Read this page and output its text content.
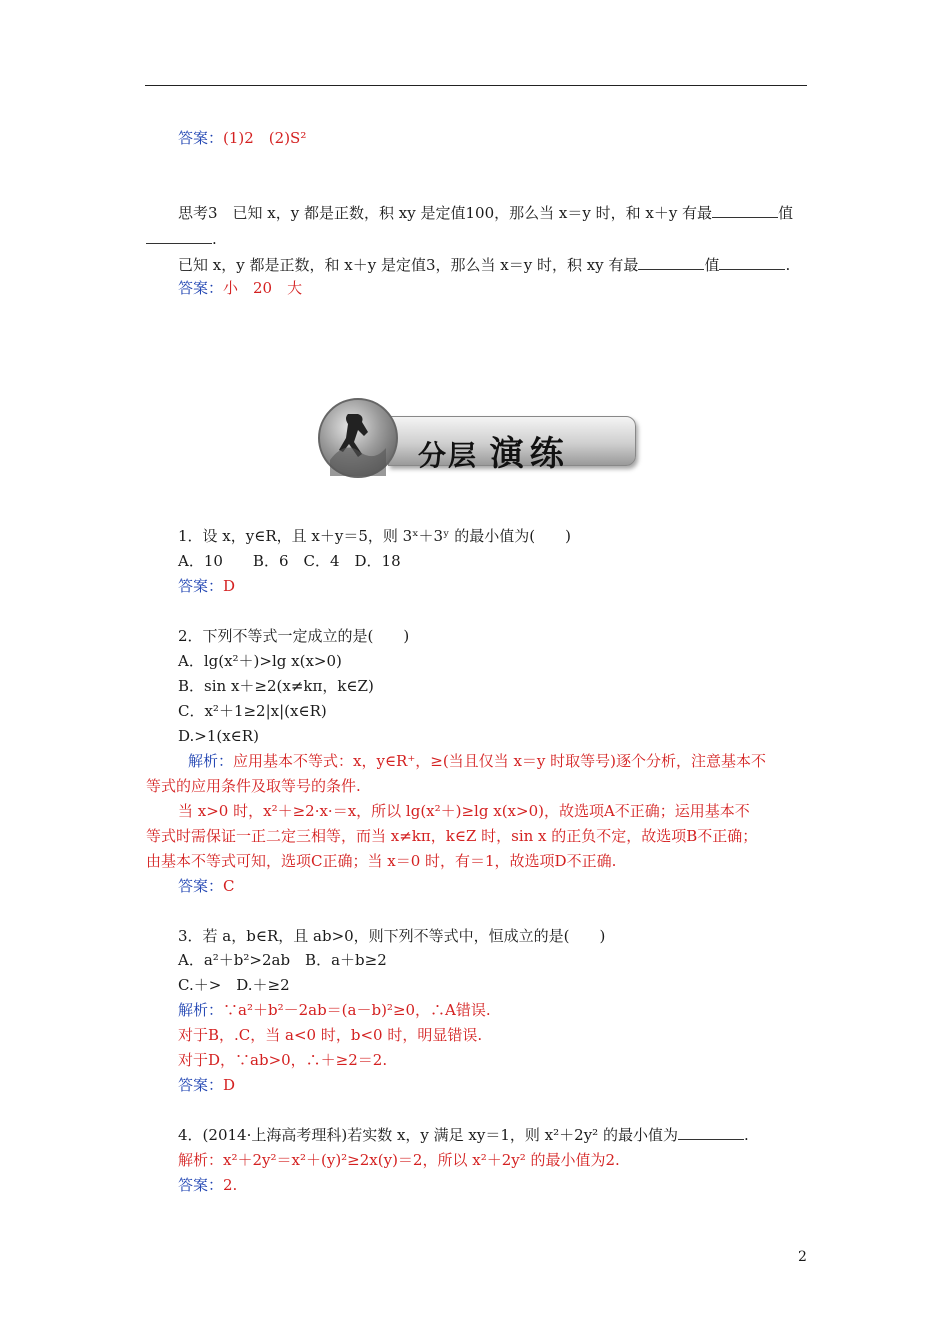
答案：(1)2　(2)S²
思考3　已知 x，y 都是正数，积 xy 是定值100，那么当 x＝y 时，和 x＋y 有最	值
.
已知 x，y 都是正数，和 x＋y 是定值3，那么当 x＝y 时，积 xy 有最	值	.
答案：小　20　大
分层 演练
1．设 x，y∈R，且 x＋y＝5，则 3ˣ＋3ʸ 的最小值为(　　)
A．10　　B．6　C．4　D．18
答案：D
2．下列不等式一定成立的是(　　)
A．lg(x²＋)>lg x(x>0)
B．sin x＋≥2(x≠kπ，k∈Z)
C．x²＋1≥2|x|(x∈R)
D.>1(x∈R)
解析：应用基本不等式：x，y∈R⁺，≥(当且仅当 x＝y 时取等号)逐个分析，注意基本不
等式的应用条件及取等号的条件.
当 x>0 时，x²＋≥2·x·＝x，所以 lg(x²＋)≥lg x(x>0)，故选项A不正确；运用基本不
等式时需保证一正二定三相等，而当 x≠kπ，k∈Z 时，sin x 的正负不定，故选项B不正确；
由基本不等式可知，选项C正确；当 x＝0 时，有＝1，故选项D不正确.
答案：C
3．若 a，b∈R，且 ab>0，则下列不等式中，恒成立的是(　　)
A．a²＋b²>2ab　B．a＋b≥2
C.＋>　D.＋≥2
解析：∵a²＋b²－2ab＝(a－b)²≥0，∴A错误.
对于B，.C，当 a<0 时，b<0 时，明显错误.
对于D，∵ab>0，∴＋≥2＝2.
答案：D
4．(2014·上海高考理科)若实数 x，y 满足 xy＝1，则 x²＋2y² 的最小值为	.
解析：x²＋2y²＝x²＋(y)²≥2x(y)＝2，所以 x²＋2y² 的最小值为2.
答案：2.
2
